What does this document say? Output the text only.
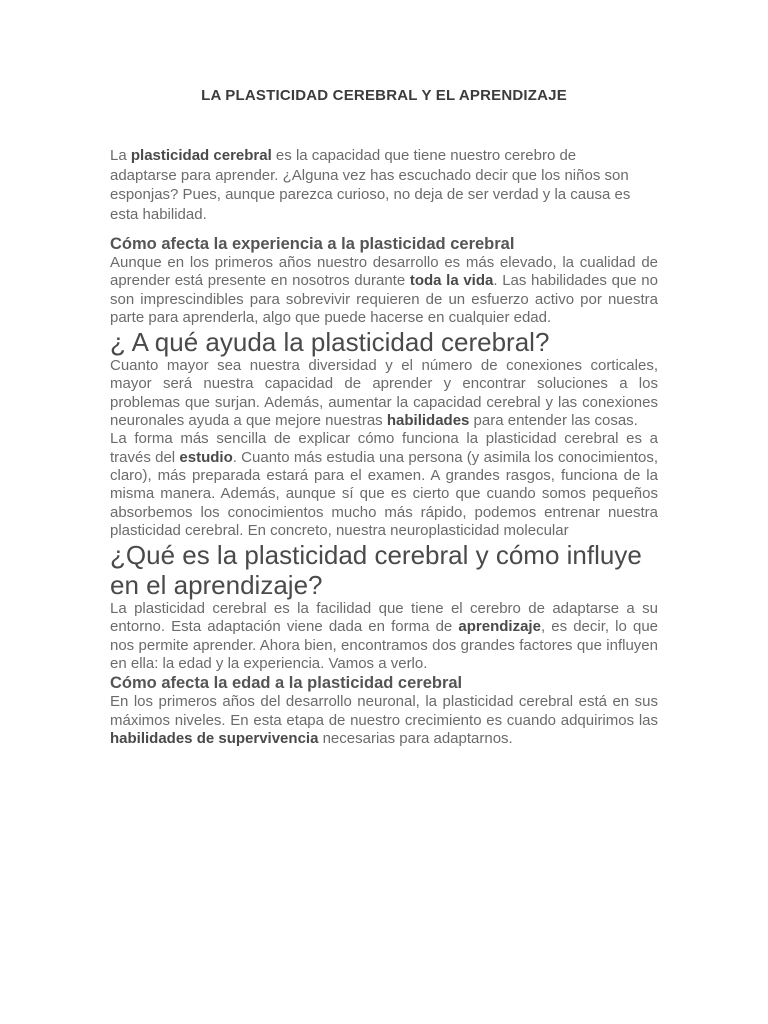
LA PLASTICIDAD CEREBRAL Y EL APRENDIZAJE

La plasticidad cerebral es la capacidad que tiene nuestro cerebro de adaptarse para aprender. ¿Alguna vez has escuchado decir que los niños son esponjas? Pues, aunque parezca curioso, no deja de ser verdad y la causa es esta habilidad.

Cómo afecta la experiencia a la plasticidad cerebral

Aunque en los primeros años nuestro desarrollo es más elevado, la cualidad de aprender está presente en nosotros durante toda la vida. Las habilidades que no son imprescindibles para sobrevivir requieren de un esfuerzo activo por nuestra parte para aprenderla, algo que puede hacerse en cualquier edad.

¿ A qué ayuda la plasticidad cerebral?

Cuanto mayor sea nuestra diversidad y el número de conexiones corticales, mayor será nuestra capacidad de aprender y encontrar soluciones a los problemas que surjan. Además, aumentar la capacidad cerebral y las conexiones neuronales ayuda a que mejore nuestras habilidades para entender las cosas.

La forma más sencilla de explicar cómo funciona la plasticidad cerebral es a través del estudio. Cuanto más estudia una persona (y asimila los conocimientos, claro), más preparada estará para el examen. A grandes rasgos, funciona de la misma manera. Además, aunque sí que es cierto que cuando somos pequeños absorbemos los conocimientos mucho más rápido, podemos entrenar nuestra plasticidad cerebral. En concreto, nuestra neuroplasticidad molecular

¿Qué es la plasticidad cerebral y cómo influye en el aprendizaje?

La plasticidad cerebral es la facilidad que tiene el cerebro de adaptarse a su entorno. Esta adaptación viene dada en forma de aprendizaje, es decir, lo que nos permite aprender. Ahora bien, encontramos dos grandes factores que influyen en ella: la edad y la experiencia. Vamos a verlo.

Cómo afecta la edad a la plasticidad cerebral

En los primeros años del desarrollo neuronal, la plasticidad cerebral está en sus máximos niveles. En esta etapa de nuestro crecimiento es cuando adquirimos las habilidades de supervivencia necesarias para adaptarnos.
